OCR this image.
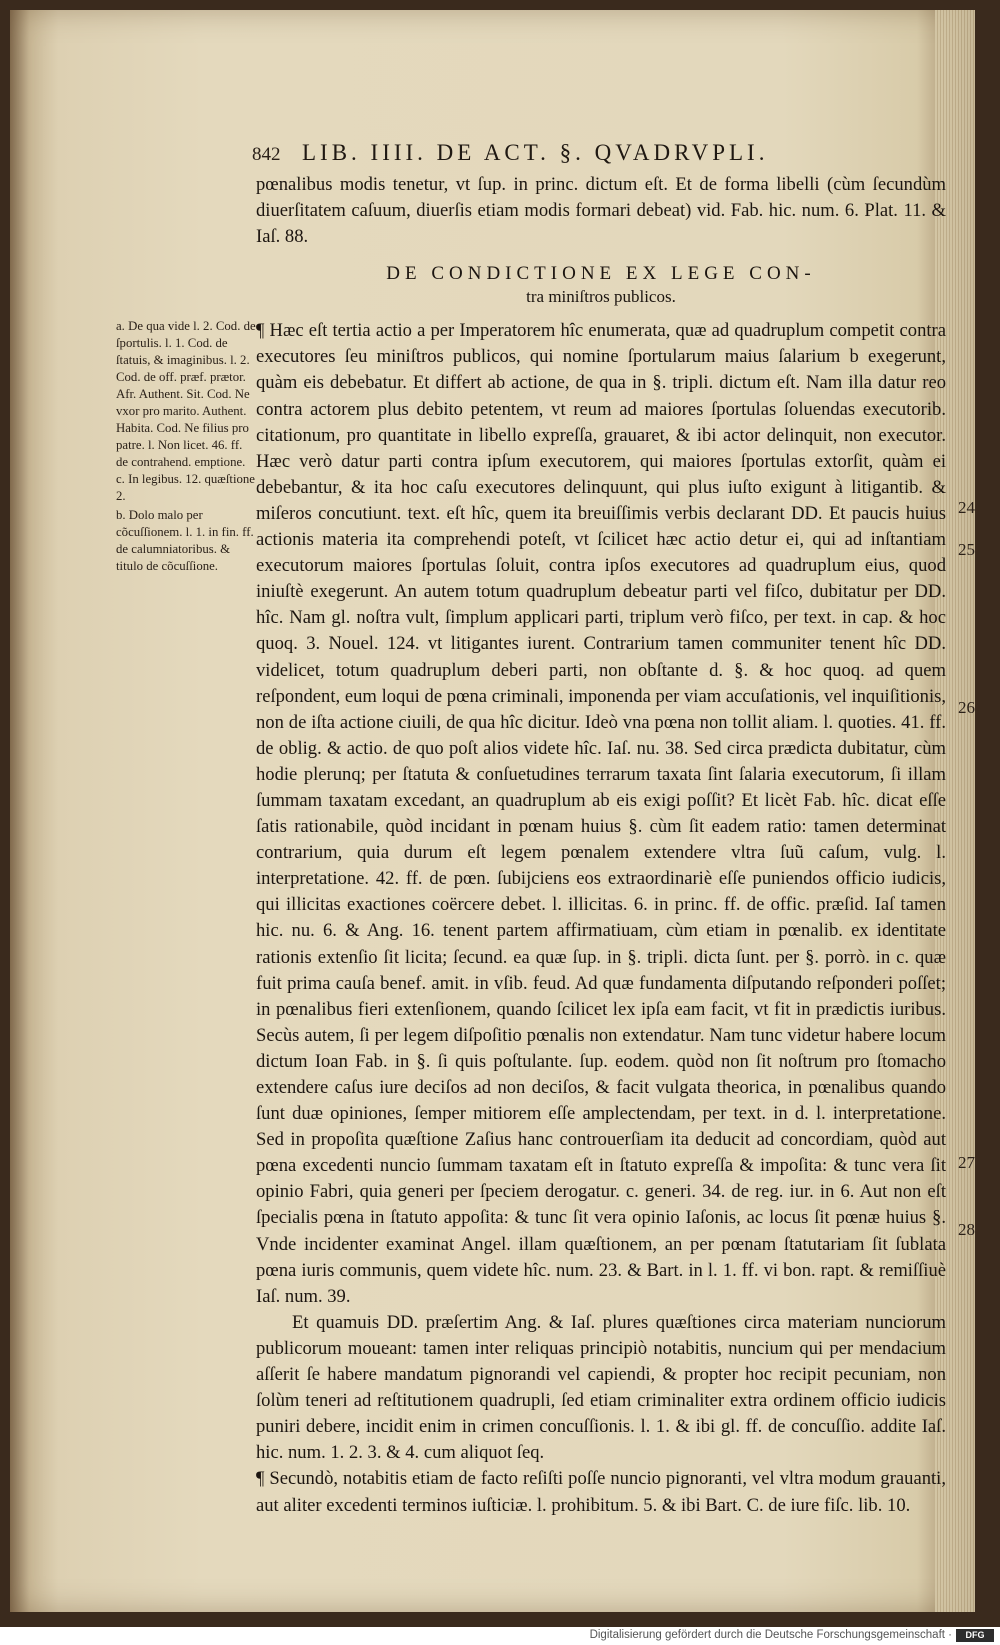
842 LIB. IIII. DE ACT. §. QVADRVPLI.

pœnalibus modis tenetur, vt ſup. in princ. dictum eſt. Et de forma libelli (cùm ſecundùm diuerſitatem caſuum, diuerſis etiam modis formari debeat) vid. Fab. hic. num. 6. Plat. 11. & Iaſ. 88.

DE CONDICTIONE EX LEGE CON-
tra miniſtros publicos.

¶ Hæc eſt tertia actio a per Imperatorem hîc enumerata, quæ ad quadruplum competit contra executores ſeu miniſtros publicos, qui nomine ſportularum maius ſalarium b exegerunt, quàm eis debebatur. Et differt ab actione, de qua in §. tripli. dictum eſt. Nam illa datur reo contra actorem plus debito petentem, vt reum ad maiores ſportulas ſoluendas executorib. citationum, pro quantitate in libello expreſſa, grauaret, & ibi actor delinquit, non executor. Hæc verò datur parti contra ipſum executorem, qui maiores ſportulas extorſit, quàm ei debebantur, & ita hoc caſu executores delinquunt, qui plus iuſto exigunt à litigantib. & miſeros concutiunt. text. eſt hîc, quem ita breuiſſimis verbis declarant DD. Et paucis huius actionis materia ita comprehendi poteſt, vt ſcilicet hæc actio detur ei, qui ad inſtantiam executorum maiores ſportulas ſoluit, contra ipſos executores ad quadruplum eius, quod iniuſtè exegerunt. An autem totum quadruplum debeatur parti vel fiſco, dubitatur per DD. hîc. Nam gl. noſtra vult, ſimplum applicari parti, triplum verò fiſco, per text. in cap. & hoc quoq. 3. Nouel. 124. vt litigantes iurent. Contrarium tamen communiter tenent hîc DD. videlicet, totum quadruplum deberi parti, non obſtante d. §. & hoc quoq. ad quem reſpondent, eum loqui de pœna criminali, imponenda per viam accuſationis, vel inquiſitionis, non de iſta actione ciuili, de qua hîc dicitur. Ideò vna pœna non tollit aliam. l. quoties. 41. ff. de oblig. & actio. de quo poſt alios videte hîc. Iaſ. nu. 38. Sed circa prædicta dubitatur, cùm hodie plerunq; per ſtatuta & conſuetudines terrarum taxata ſint ſalaria executorum, ſi illam ſummam taxatam excedant, an quadruplum ab eis exigi poſſit? Et licèt Fab. hîc. dicat eſſe ſatis rationabile, quòd incidant in pœnam huius §. cùm ſit eadem ratio: tamen determinat contrarium, quia durum eſt legem pœnalem extendere vltra ſuũ caſum, vulg. l. interpretatione. 42. ff. de pœn. ſubijciens eos extraordinariè eſſe puniendos officio iudicis, qui illicitas exactiones coërcere debet. l. illicitas. 6. in princ. ff. de offic. præſid. Iaſ tamen hic. nu. 6. & Ang. 16. tenent partem affirmatiuam, cùm etiam in pœnalib. ex identitate rationis extenſio ſit licita; ſecund. ea quæ ſup. in §. tripli. dicta ſunt. per §. porrò. in c. quæ fuit prima cauſa benef. amit. in vſib. feud. Ad quæ fundamenta diſputando reſponderi poſſet; in pœnalibus fieri extenſionem, quando ſcilicet lex ipſa eam facit, vt fit in prædictis iuribus. Secùs autem, ſi per legem diſpoſitio pœnalis non extendatur. Nam tunc videtur habere locum dictum Ioan Fab. in §. ſi quis poſtulante. ſup. eodem. quòd non ſit noſtrum pro ſtomacho extendere caſus iure deciſos ad non deciſos, & facit vulgata theorica, in pœnalibus quando ſunt duæ opiniones, ſemper mitiorem eſſe amplectendam, per text. in d. l. interpretatione. Sed in propoſita quæſtione Zaſius hanc controuerſiam ita deducit ad concordiam, quòd aut pœna excedenti nuncio ſummam taxatam eſt in ſtatuto expreſſa & impoſita: & tunc vera ſit opinio Fabri, quia generi per ſpeciem derogatur. c. generi. 34. de reg. iur. in 6. Aut non eſt ſpecialis pœna in ſtatuto appoſita: & tunc ſit vera opinio Iaſonis, ac locus ſit pœnæ huius §. Vnde incidenter examinat Angel. illam quæſtionem, an per pœnam ſtatutariam ſit ſublata pœna iuris communis, quem videte hîc. num. 23. & Bart. in l. 1. ff. vi bon. rapt. & remiſſiuè Iaſ. num. 39.

Et quamuis DD. præſertim Ang. & Iaſ. plures quæſtiones circa materiam nunciorum publicorum moueant: tamen inter reliquas principiò notabitis, nuncium qui per mendacium aſſerit ſe habere mandatum pignorandi vel capiendi, & propter hoc recipit pecuniam, non ſolùm teneri ad reſtitutionem quadrupli, ſed etiam criminaliter extra ordinem officio iudicis puniri debere, incidit enim in crimen concuſſionis. l. 1. & ibi gl. ff. de concuſſio. addite Iaſ. hic. num. 1. 2. 3. & 4. cum aliquot ſeq.

¶ Secundò, notabitis etiam de facto reſiſti poſſe nuncio pignoranti, vel vltra modum grauanti, aut aliter excedenti terminos iuſticiæ. l. prohibitum. 5. & ibi Bart. C. de iure fiſc. lib. 10.

a. De qua vide l. 2. Cod. de ſportulis. l. 1. Cod. de ſtatuis, & imaginibus. l. 2. Cod. de off. præf. prætor. Afr. Authent. Sit. Cod. Ne vxor pro marito. Authent. Habita. Cod. Ne filius pro patre. l. Non licet. 46. ff. de contrahend. emptione. c. In legibus. 12. quæſtione 2.

b. Dolo malo per cõcuſſionem. l. 1. in fin. ff. de calumniatoribus. & titulo de cõcuſſione.

24
25
26
27
28
Digitalisierung gefördert durch die Deutsche Forschungsgemeinschaft ·	DFG
